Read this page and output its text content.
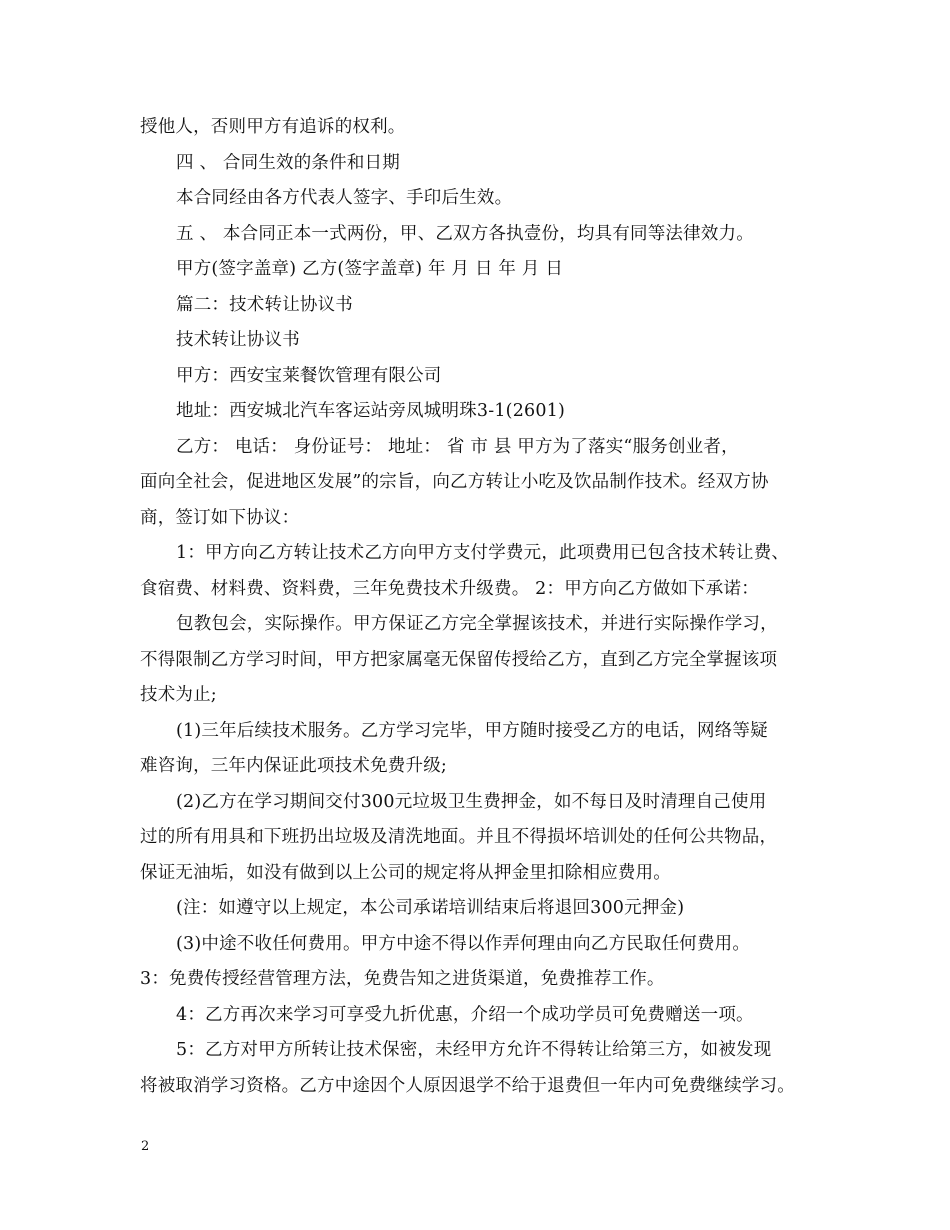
授他人，否则甲方有追诉的权利。
四 、 合同生效的条件和日期
本合同经由各方代表人签字、手印后生效。
五 、 本合同正本一式两份，甲、乙双方各执壹份，均具有同等法律效力。
甲方(签字盖章) 乙方(签字盖章) 年 月 日 年 月 日
篇二：技术转让协议书
技术转让协议书
甲方：西安宝莱餐饮管理有限公司
地址：西安城北汽车客运站旁凤城明珠3-1(2601)
乙方： 电话： 身份证号： 地址： 省 市 县 甲方为了落实“服务创业者，
面向全社会，促进地区发展”的宗旨，向乙方转让小吃及饮品制作技术。经双方协
商，签订如下协议：
1：甲方向乙方转让技术乙方向甲方支付学费元，此项费用已包含技术转让费、
食宿费、材料费、资料费，三年免费技术升级费。 2：甲方向乙方做如下承诺：
包教包会，实际操作。甲方保证乙方完全掌握该技术，并进行实际操作学习，
不得限制乙方学习时间，甲方把家属毫无保留传授给乙方，直到乙方完全掌握该项
技术为止;
(1)三年后续技术服务。乙方学习完毕，甲方随时接受乙方的电话，网络等疑
难咨询，三年内保证此项技术免费升级;
(2)乙方在学习期间交付300元垃圾卫生费押金，如不每日及时清理自己使用
过的所有用具和下班扔出垃圾及清洗地面。并且不得损坏培训处的任何公共物品，
保证无油垢，如没有做到以上公司的规定将从押金里扣除相应费用。
(注：如遵守以上规定，本公司承诺培训结束后将退回300元押金)
(3)中途不收任何费用。甲方中途不得以作弄何理由向乙方民取任何费用。
3：免费传授经营管理方法，免费告知之进货渠道，免费推荐工作。
4：乙方再次来学习可享受九折优惠，介绍一个成功学员可免费赠送一项。
5：乙方对甲方所转让技术保密，未经甲方允许不得转让给第三方，如被发现
将被取消学习资格。乙方中途因个人原因退学不给于退费但一年内可免费继续学习。
2
